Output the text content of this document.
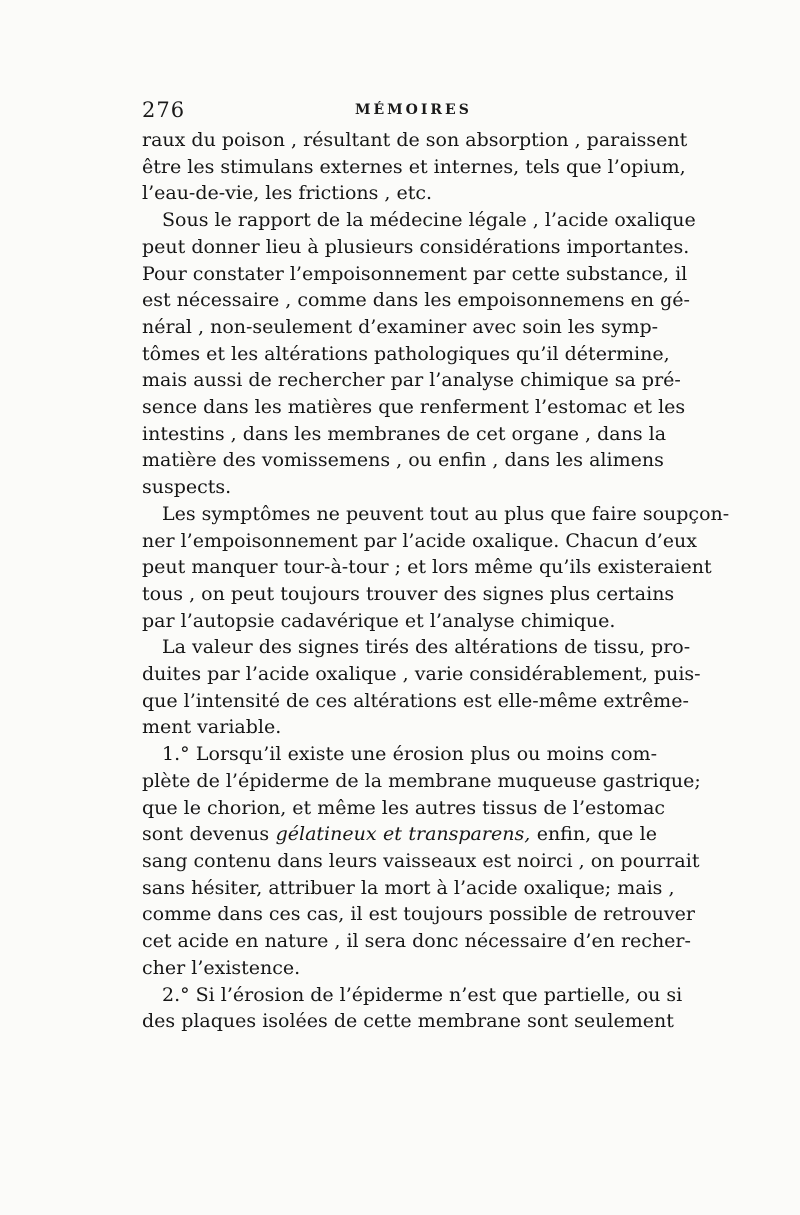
276	MÉMOIRES
raux du poison , résultant de son absorption , paraissent
être les stimulans externes et internes, tels que l’opium,
l’eau-de-vie, les frictions , etc.
Sous le rapport de la médecine légale , l’acide oxalique
peut donner lieu à plusieurs considérations importantes.
Pour constater l’empoisonnement par cette substance, il
est nécessaire , comme dans les empoisonnemens en gé-
néral , non-seulement d’examiner avec soin les symp-
tômes et les altérations pathologiques qu’il détermine,
mais aussi de rechercher par l’analyse chimique sa pré-
sence dans les matières que renferment l’estomac et les
intestins , dans les membranes de cet organe , dans la
matière des vomissemens , ou enfin , dans les alimens
suspects.
Les symptômes ne peuvent tout au plus que faire soupçon-
ner l’empoisonnement par l’acide oxalique. Chacun d’eux
peut manquer tour-à-tour ; et lors même qu’ils existeraient
tous , on peut toujours trouver des signes plus certains
par l’autopsie cadavérique et l’analyse chimique.
La valeur des signes tirés des altérations de tissu, pro-
duites par l’acide oxalique , varie considérablement, puis-
que l’intensité de ces altérations est elle-même extrême-
ment variable.
1.° Lorsqu’il existe une érosion plus ou moins com-
plète de l’épiderme de la membrane muqueuse gastrique;
que le chorion, et même les autres tissus de l’estomac
sont devenus gélatineux et transparens, enfin, que le
sang contenu dans leurs vaisseaux est noirci , on pourrait
sans hésiter, attribuer la mort à l’acide oxalique; mais ,
comme dans ces cas, il est toujours possible de retrouver
cet acide en nature , il sera donc nécessaire d’en recher-
cher l’existence.
2.° Si l’érosion de l’épiderme n’est que partielle, ou si
des plaques isolées de cette membrane sont seulement
